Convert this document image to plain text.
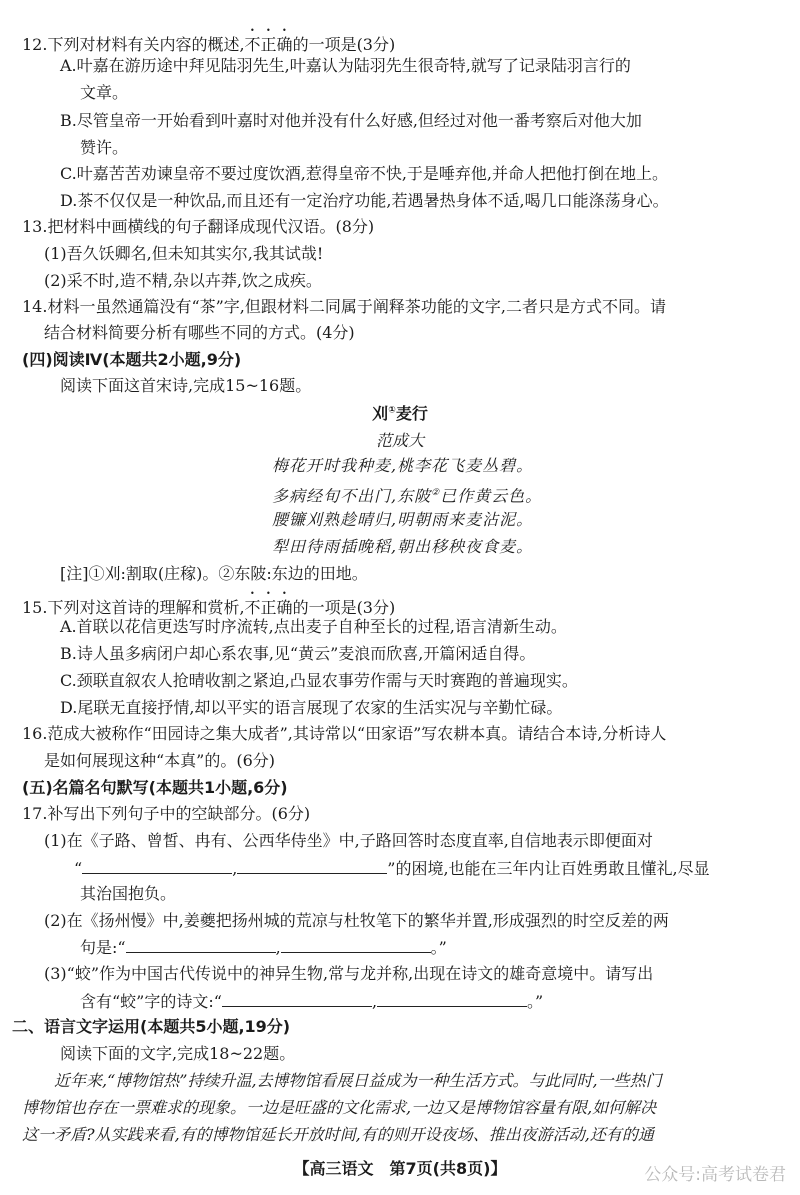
12.下列对材料有关内容的概述,不正确的一项是(3分)
A.叶嘉在游历途中拜见陆羽先生,叶嘉认为陆羽先生很奇特,就写了记录陆羽言行的
文章。
B.尽管皇帝一开始看到叶嘉时对他并没有什么好感,但经过对他一番考察后对他大加
赞许。
C.叶嘉苦苦劝谏皇帝不要过度饮酒,惹得皇帝不快,于是唾弃他,并命人把他打倒在地上。
D.茶不仅仅是一种饮品,而且还有一定治疗功能,若遇暑热身体不适,喝几口能涤荡身心。
13.把材料中画横线的句子翻译成现代汉语。(8分)
(1)吾久饫卿名,但未知其实尔,我其试哉!
(2)采不时,造不精,杂以卉莽,饮之成疾。
14.材料一虽然通篇没有“茶”字,但跟材料二同属于阐释茶功能的文字,二者只是方式不同。请
结合材料简要分析有哪些不同的方式。(4分)
(四)阅读Ⅳ(本题共2小题,9分)
阅读下面这首宋诗,完成15~16题。
刈①麦行
范成大
梅花开时我种麦,桃李花飞麦丛碧。
多病经旬不出门,东陂②已作黄云色。
腰镰刈熟趁晴归,明朝雨来麦沾泥。
犁田待雨插晚稻,朝出移秧夜食麦。
[注]①刈:割取(庄稼)。②东陂:东边的田地。
15.下列对这首诗的理解和赏析,不正确的一项是(3分)
A.首联以花信更迭写时序流转,点出麦子自种至长的过程,语言清新生动。
B.诗人虽多病闭户却心系农事,见“黄云”麦浪而欣喜,开篇闲适自得。
C.颈联直叙农人抢晴收割之紧迫,凸显农事劳作需与天时赛跑的普遍现实。
D.尾联无直接抒情,却以平实的语言展现了农家的生活实况与辛勤忙碌。
16.范成大被称作“田园诗之集大成者”,其诗常以“田家语”写农耕本真。请结合本诗,分析诗人
是如何展现这种“本真”的。(6分)
(五)名篇名句默写(本题共1小题,6分)
17.补写出下列句子中的空缺部分。(6分)
(1)在《子路、曾皙、冉有、公西华侍坐》中,子路回答时态度直率,自信地表示即便面对
“	,	”的困境,也能在三年内让百姓勇敢且懂礼,尽显
其治国抱负。
(2)在《扬州慢》中,姜夔把扬州城的荒凉与杜牧笔下的繁华并置,形成强烈的时空反差的两
句是:“	,	。”
(3)“蛟”作为中国古代传说中的神异生物,常与龙并称,出现在诗文的雄奇意境中。请写出
含有“蛟”字的诗文:“	,	。”
二、语言文字运用(本题共5小题,19分)
阅读下面的文字,完成18~22题。
　　近年来,“博物馆热”持续升温,去博物馆看展日益成为一种生活方式。与此同时,一些热门
博物馆也存在一票难求的现象。一边是旺盛的文化需求,一边又是博物馆容量有限,如何解决
这一矛盾?从实践来看,有的博物馆延长开放时间,有的则开设夜场、推出夜游活动,还有的通
【高三语文　第7页(共8页)】	公众号:高考试卷君
